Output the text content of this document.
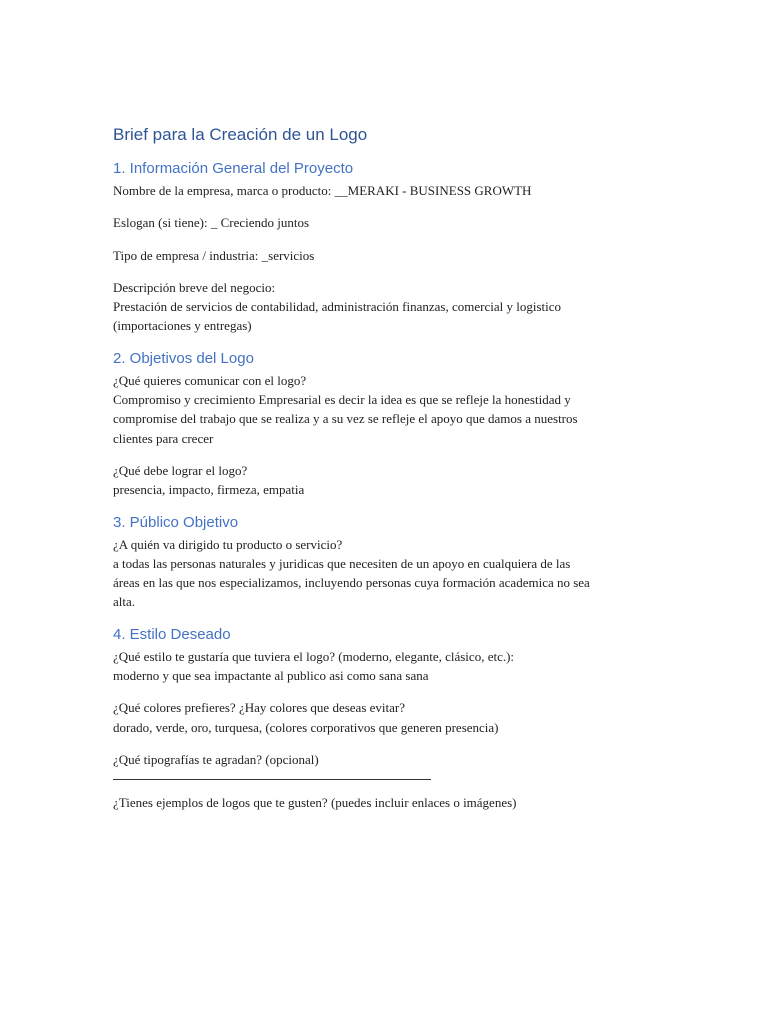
Brief para la Creación de un Logo
1. Información General del Proyecto
Nombre de la empresa, marca o producto: __MERAKI - BUSINESS GROWTH
Eslogan (si tiene): _ Creciendo juntos
Tipo de empresa / industria: _servicios
Descripción breve del negocio:
Prestación de servicios de contabilidad, administración finanzas, comercial y logistico
(importaciones y entregas)
2. Objetivos del Logo
¿Qué quieres comunicar con el logo?
Compromiso y crecimiento Empresarial es decir la idea es que se refleje la honestidad y
compromise del trabajo que se realiza y a su vez se refleje el apoyo que damos a nuestros
clientes para crecer
¿Qué debe lograr el logo?
presencia, impacto, firmeza, empatia
3. Público Objetivo
¿A quién va dirigido tu producto o servicio?
a todas las personas naturales y juridicas que necesiten de un apoyo en cualquiera de las
áreas en las que nos especializamos, incluyendo personas cuya formación academica no sea
alta.
4. Estilo Deseado
¿Qué estilo te gustaría que tuviera el logo? (moderno, elegante, clásico, etc.):
moderno y que sea impactante al publico asi como sana sana
¿Qué colores prefieres? ¿Hay colores que deseas evitar?
dorado, verde, oro, turquesa, (colores corporativos que generen presencia)
¿Qué tipografías te agradan? (opcional)
¿Tienes ejemplos de logos que te gusten? (puedes incluir enlaces o imágenes)
